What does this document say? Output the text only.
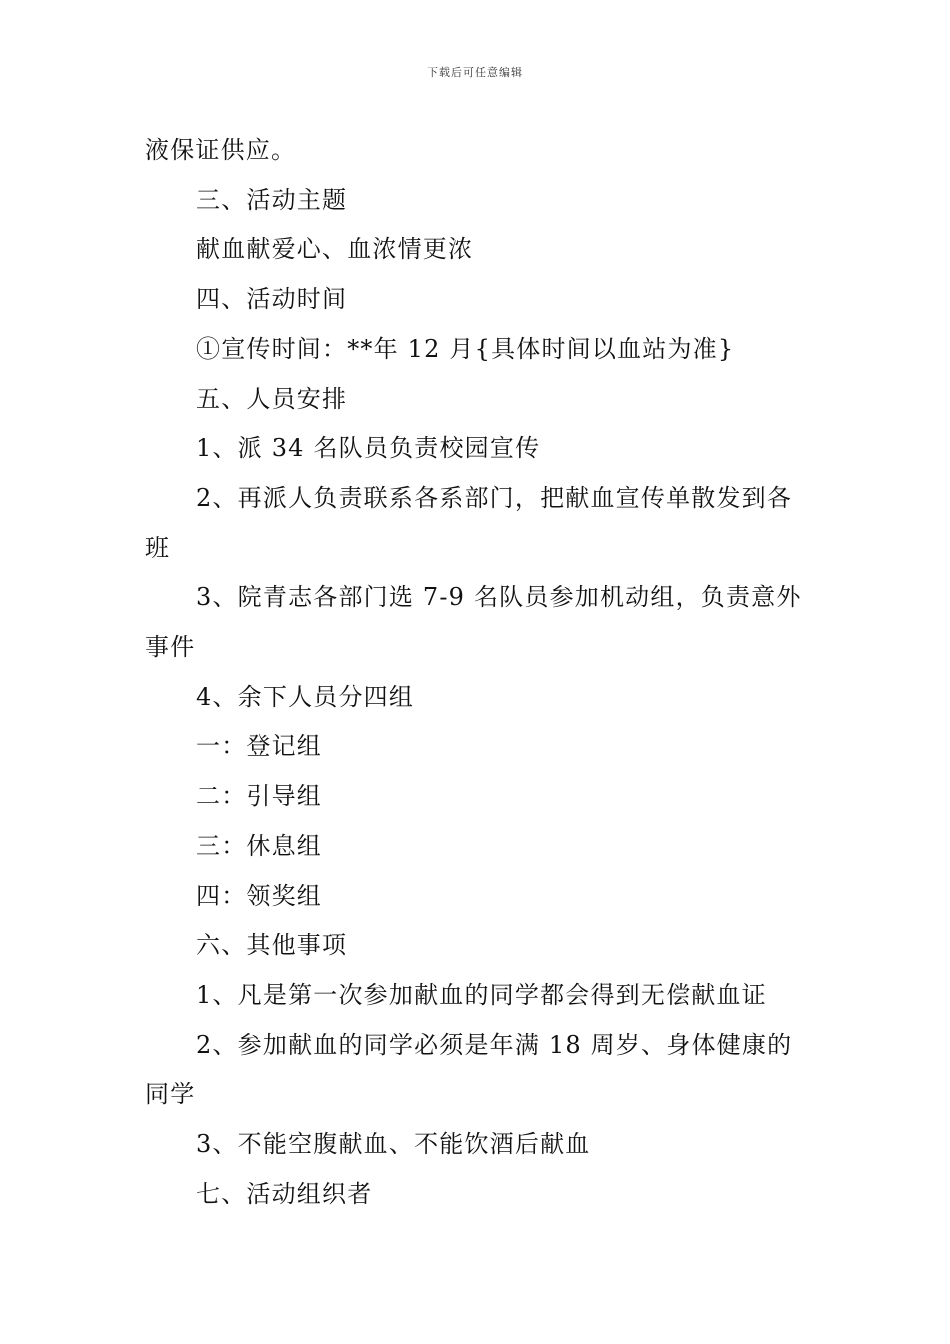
下载后可任意编辑

液保证供应。

三、活动主题

献血献爱心、血浓情更浓

四、活动时间

①宣传时间：**年 12 月{具体时间以血站为准}

五、人员安排

1、派 34 名队员负责校园宣传

2、再派人负责联系各系部门，把献血宣传单散发到各班

3、院青志各部门选 7-9 名队员参加机动组，负责意外事件

4、余下人员分四组

一：登记组

二：引导组

三：休息组

四：领奖组

六、其他事项

1、凡是第一次参加献血的同学都会得到无偿献血证

2、参加献血的同学必须是年满 18 周岁、身体健康的同学

3、不能空腹献血、不能饮酒后献血

七、活动组织者
